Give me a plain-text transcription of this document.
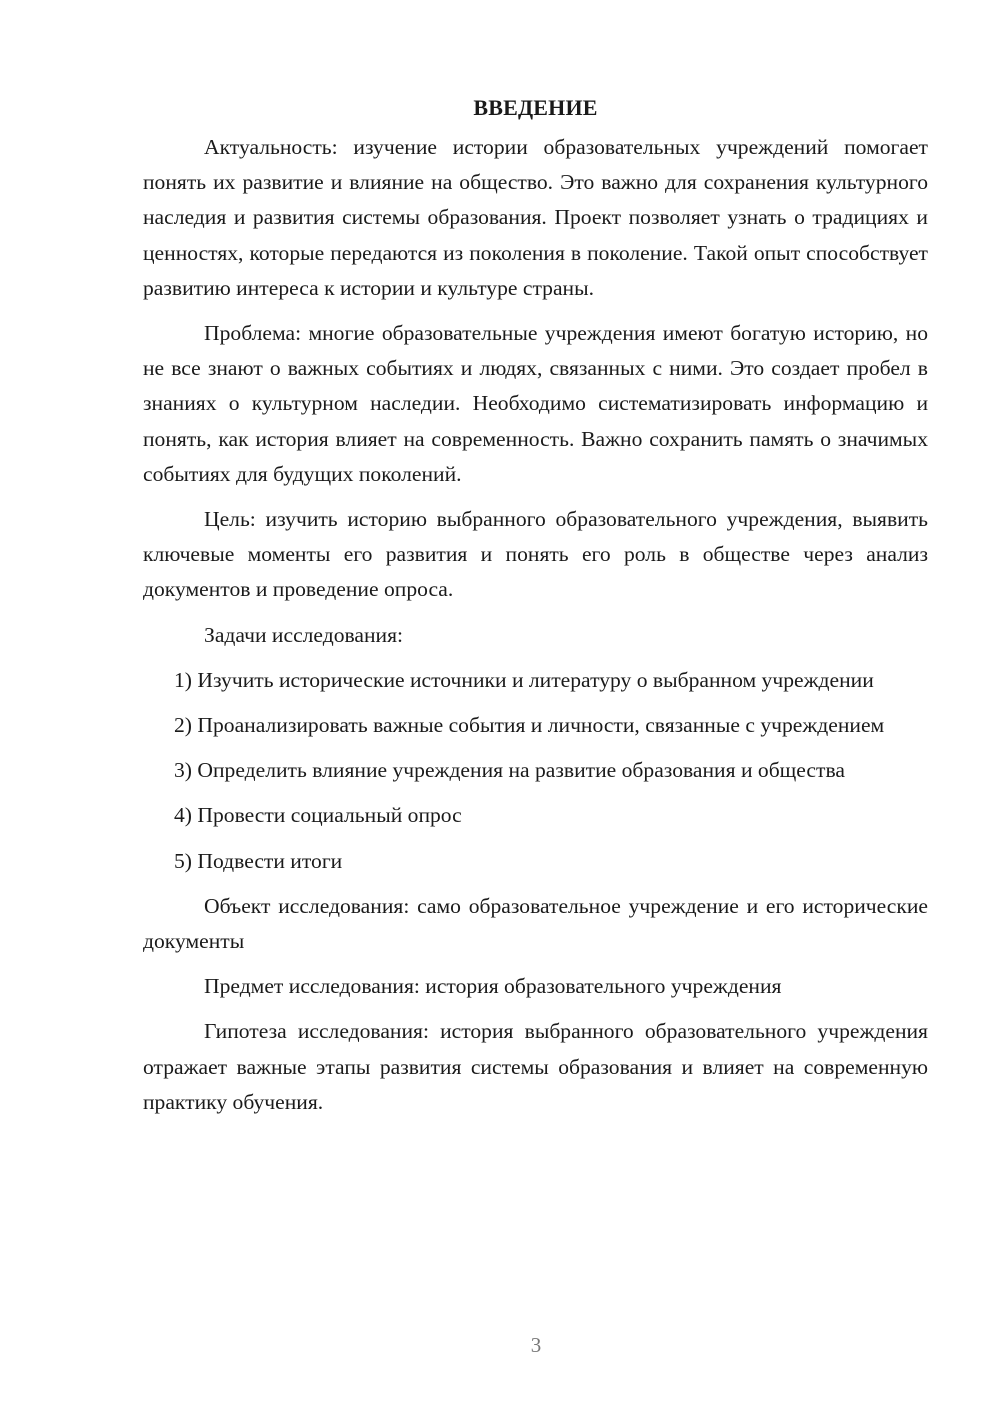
ВВЕДЕНИЕ

Актуальность: изучение истории образовательных учреждений помогает понять их развитие и влияние на общество. Это важно для сохранения культурного наследия и развития системы образования. Проект позволяет узнать о традициях и ценностях, которые передаются из поколения в поколение. Такой опыт способствует развитию интереса к истории и культуре страны.

Проблема: многие образовательные учреждения имеют богатую историю, но не все знают о важных событиях и людях, связанных с ними. Это создает пробел в знаниях о культурном наследии. Необходимо систематизировать информацию и понять, как история влияет на современность. Важно сохранить память о значимых событиях для будущих поколений.

Цель: изучить историю выбранного образовательного учреждения, выявить ключевые моменты его развития и понять его роль в обществе через анализ документов и проведение опроса.

Задачи исследования:

1) Изучить исторические источники и литературу о выбранном учреждении

2) Проанализировать важные события и личности, связанные с учреждением

3) Определить влияние учреждения на развитие образования и общества

4) Провести социальный опрос

5) Подвести итоги

Объект исследования: само образовательное учреждение и его исторические документы

Предмет исследования: история образовательного учреждения

Гипотеза исследования: история выбранного образовательного учреждения отражает важные этапы развития системы образования и влияет на современную практику обучения.

3
